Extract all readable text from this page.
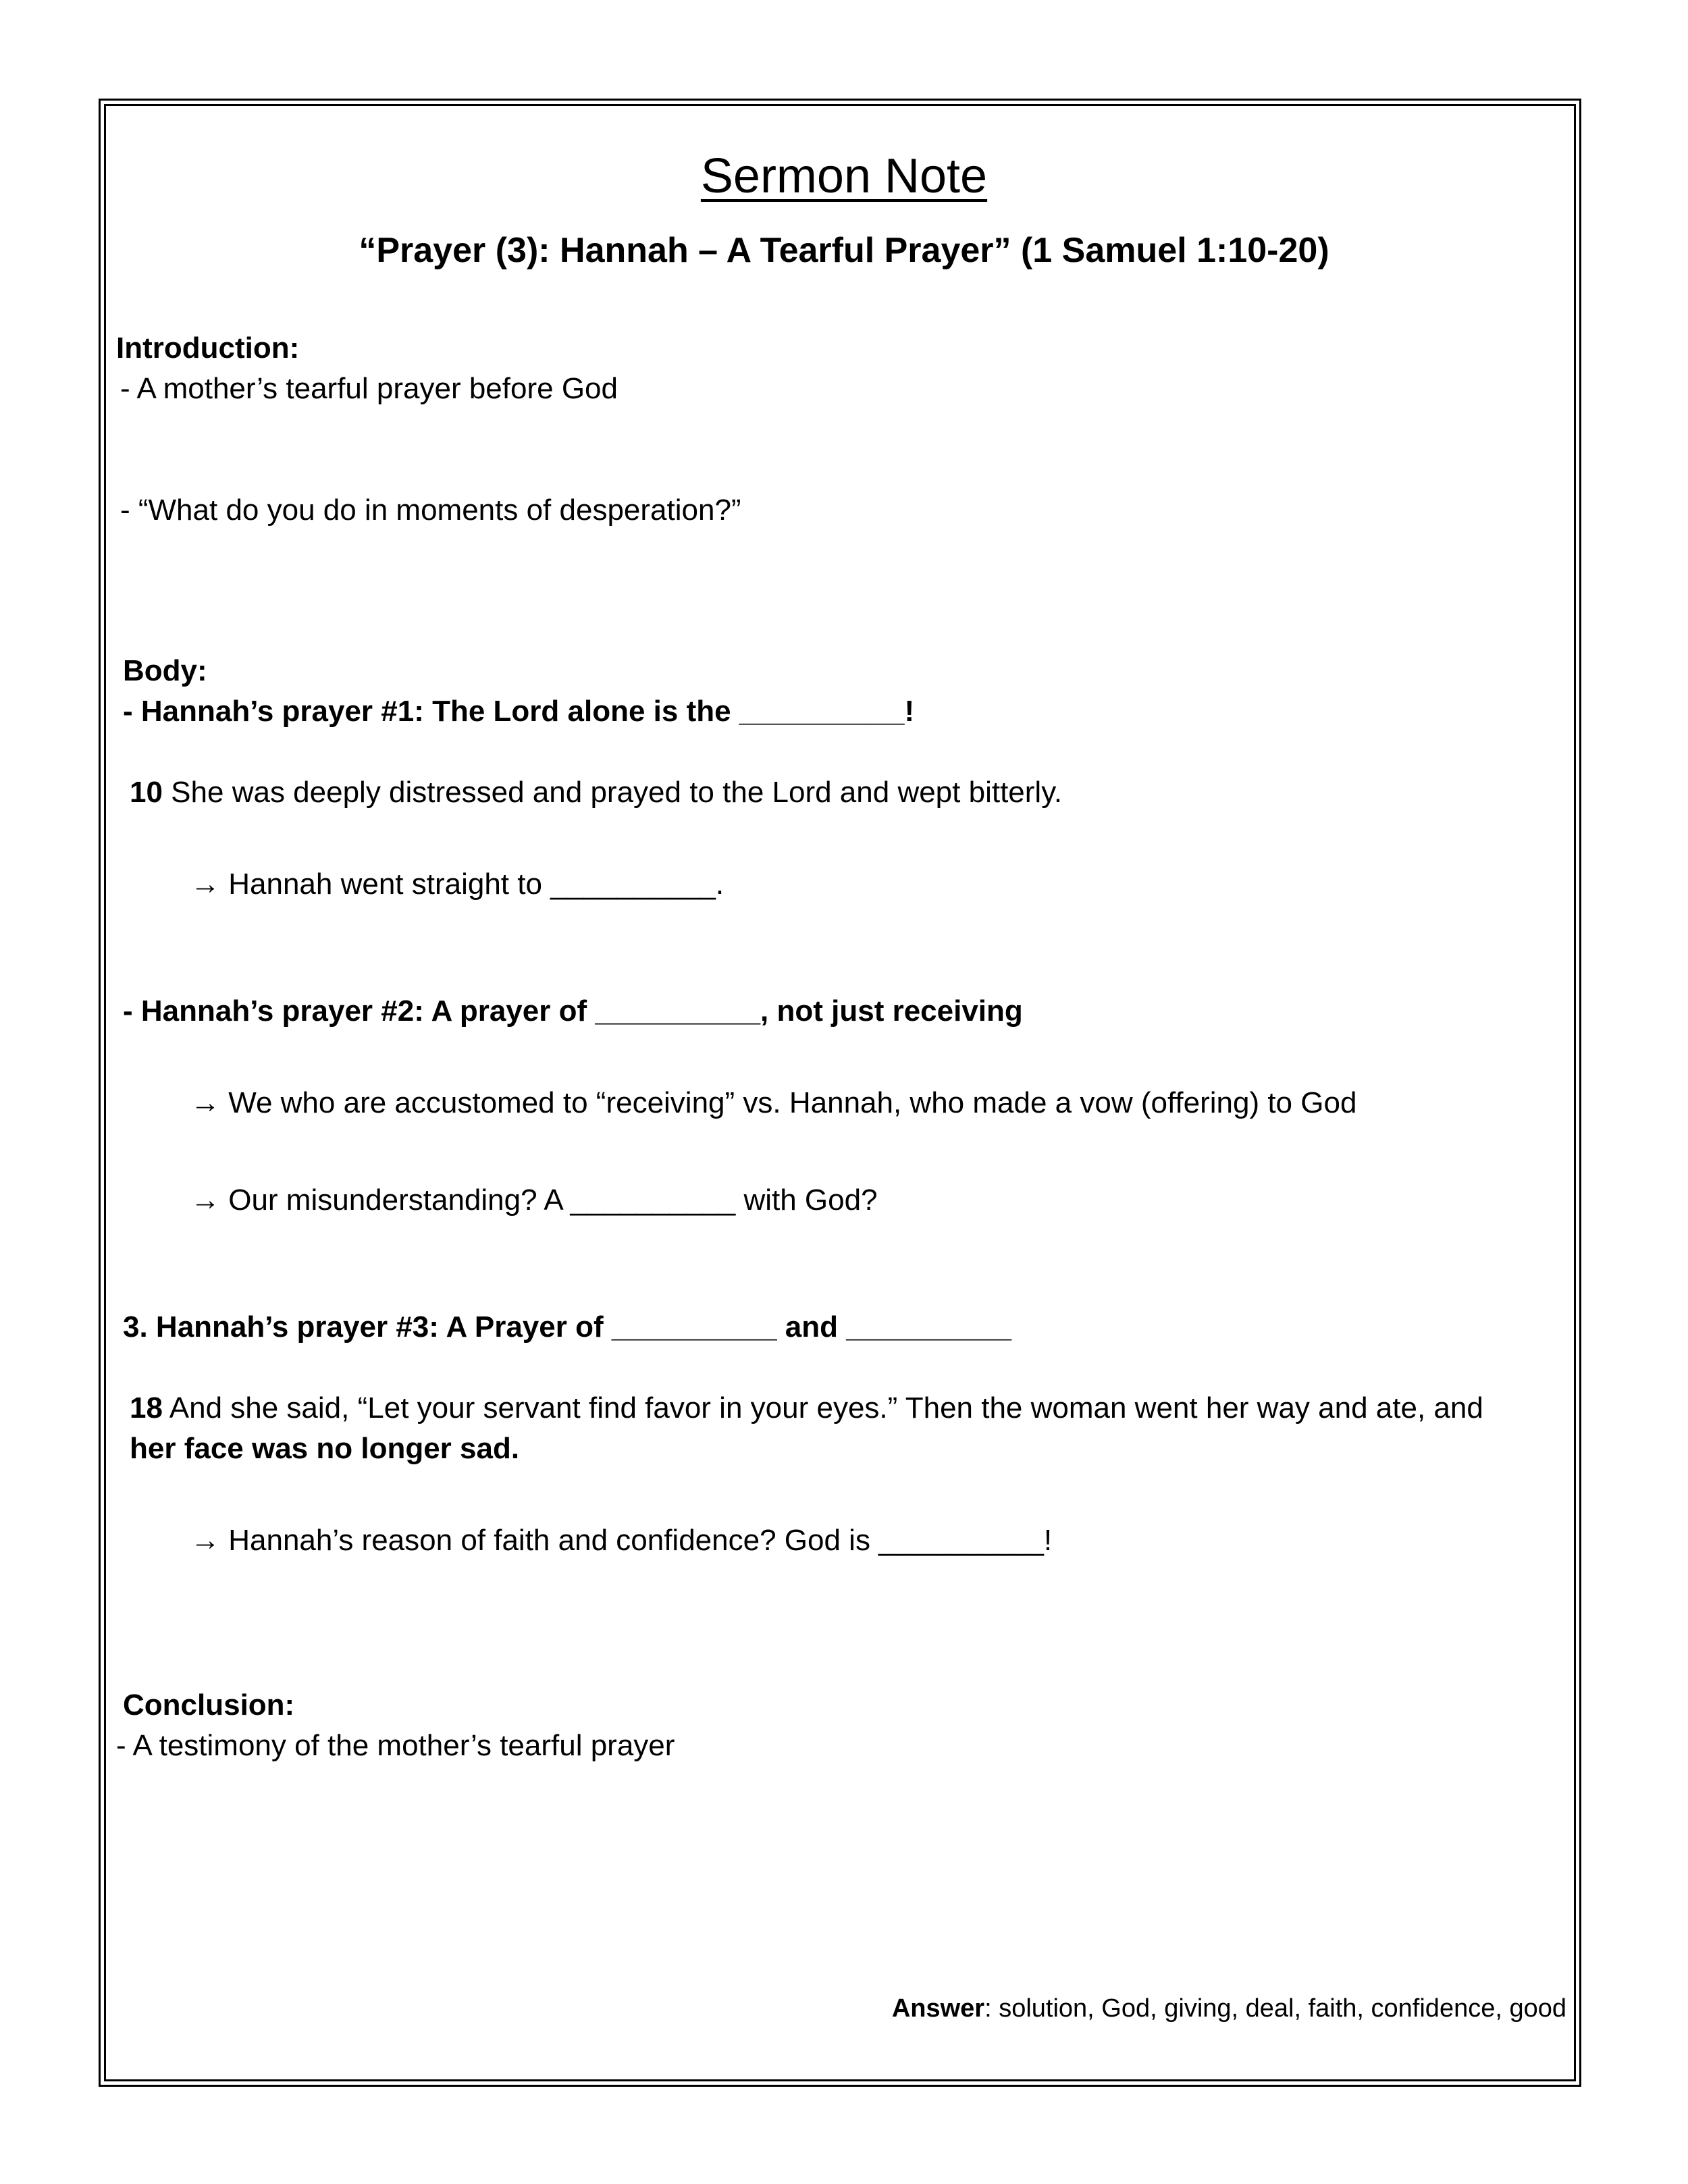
Sermon Note
“Prayer (3): Hannah – A Tearful Prayer” (1 Samuel 1:10-20)
Introduction:
- A mother’s tearful prayer before God
- “What do you do in moments of desperation?”
Body:
- Hannah’s prayer #1: The Lord alone is the __________!
10 She was deeply distressed and prayed to the Lord and wept bitterly.
→ Hannah went straight to __________.
- Hannah’s prayer #2: A prayer of __________, not just receiving
→ We who are accustomed to “receiving” vs. Hannah, who made a vow (offering) to God
→ Our misunderstanding? A __________ with God?
3. Hannah’s prayer #3: A Prayer of __________ and __________
18 And she said, “Let your servant find favor in your eyes.” Then the woman went her way and ate, and
her face was no longer sad.
→ Hannah’s reason of faith and confidence? God is __________!
Conclusion:
- A testimony of the mother’s tearful prayer
Answer: solution, God, giving, deal, faith, confidence, good
